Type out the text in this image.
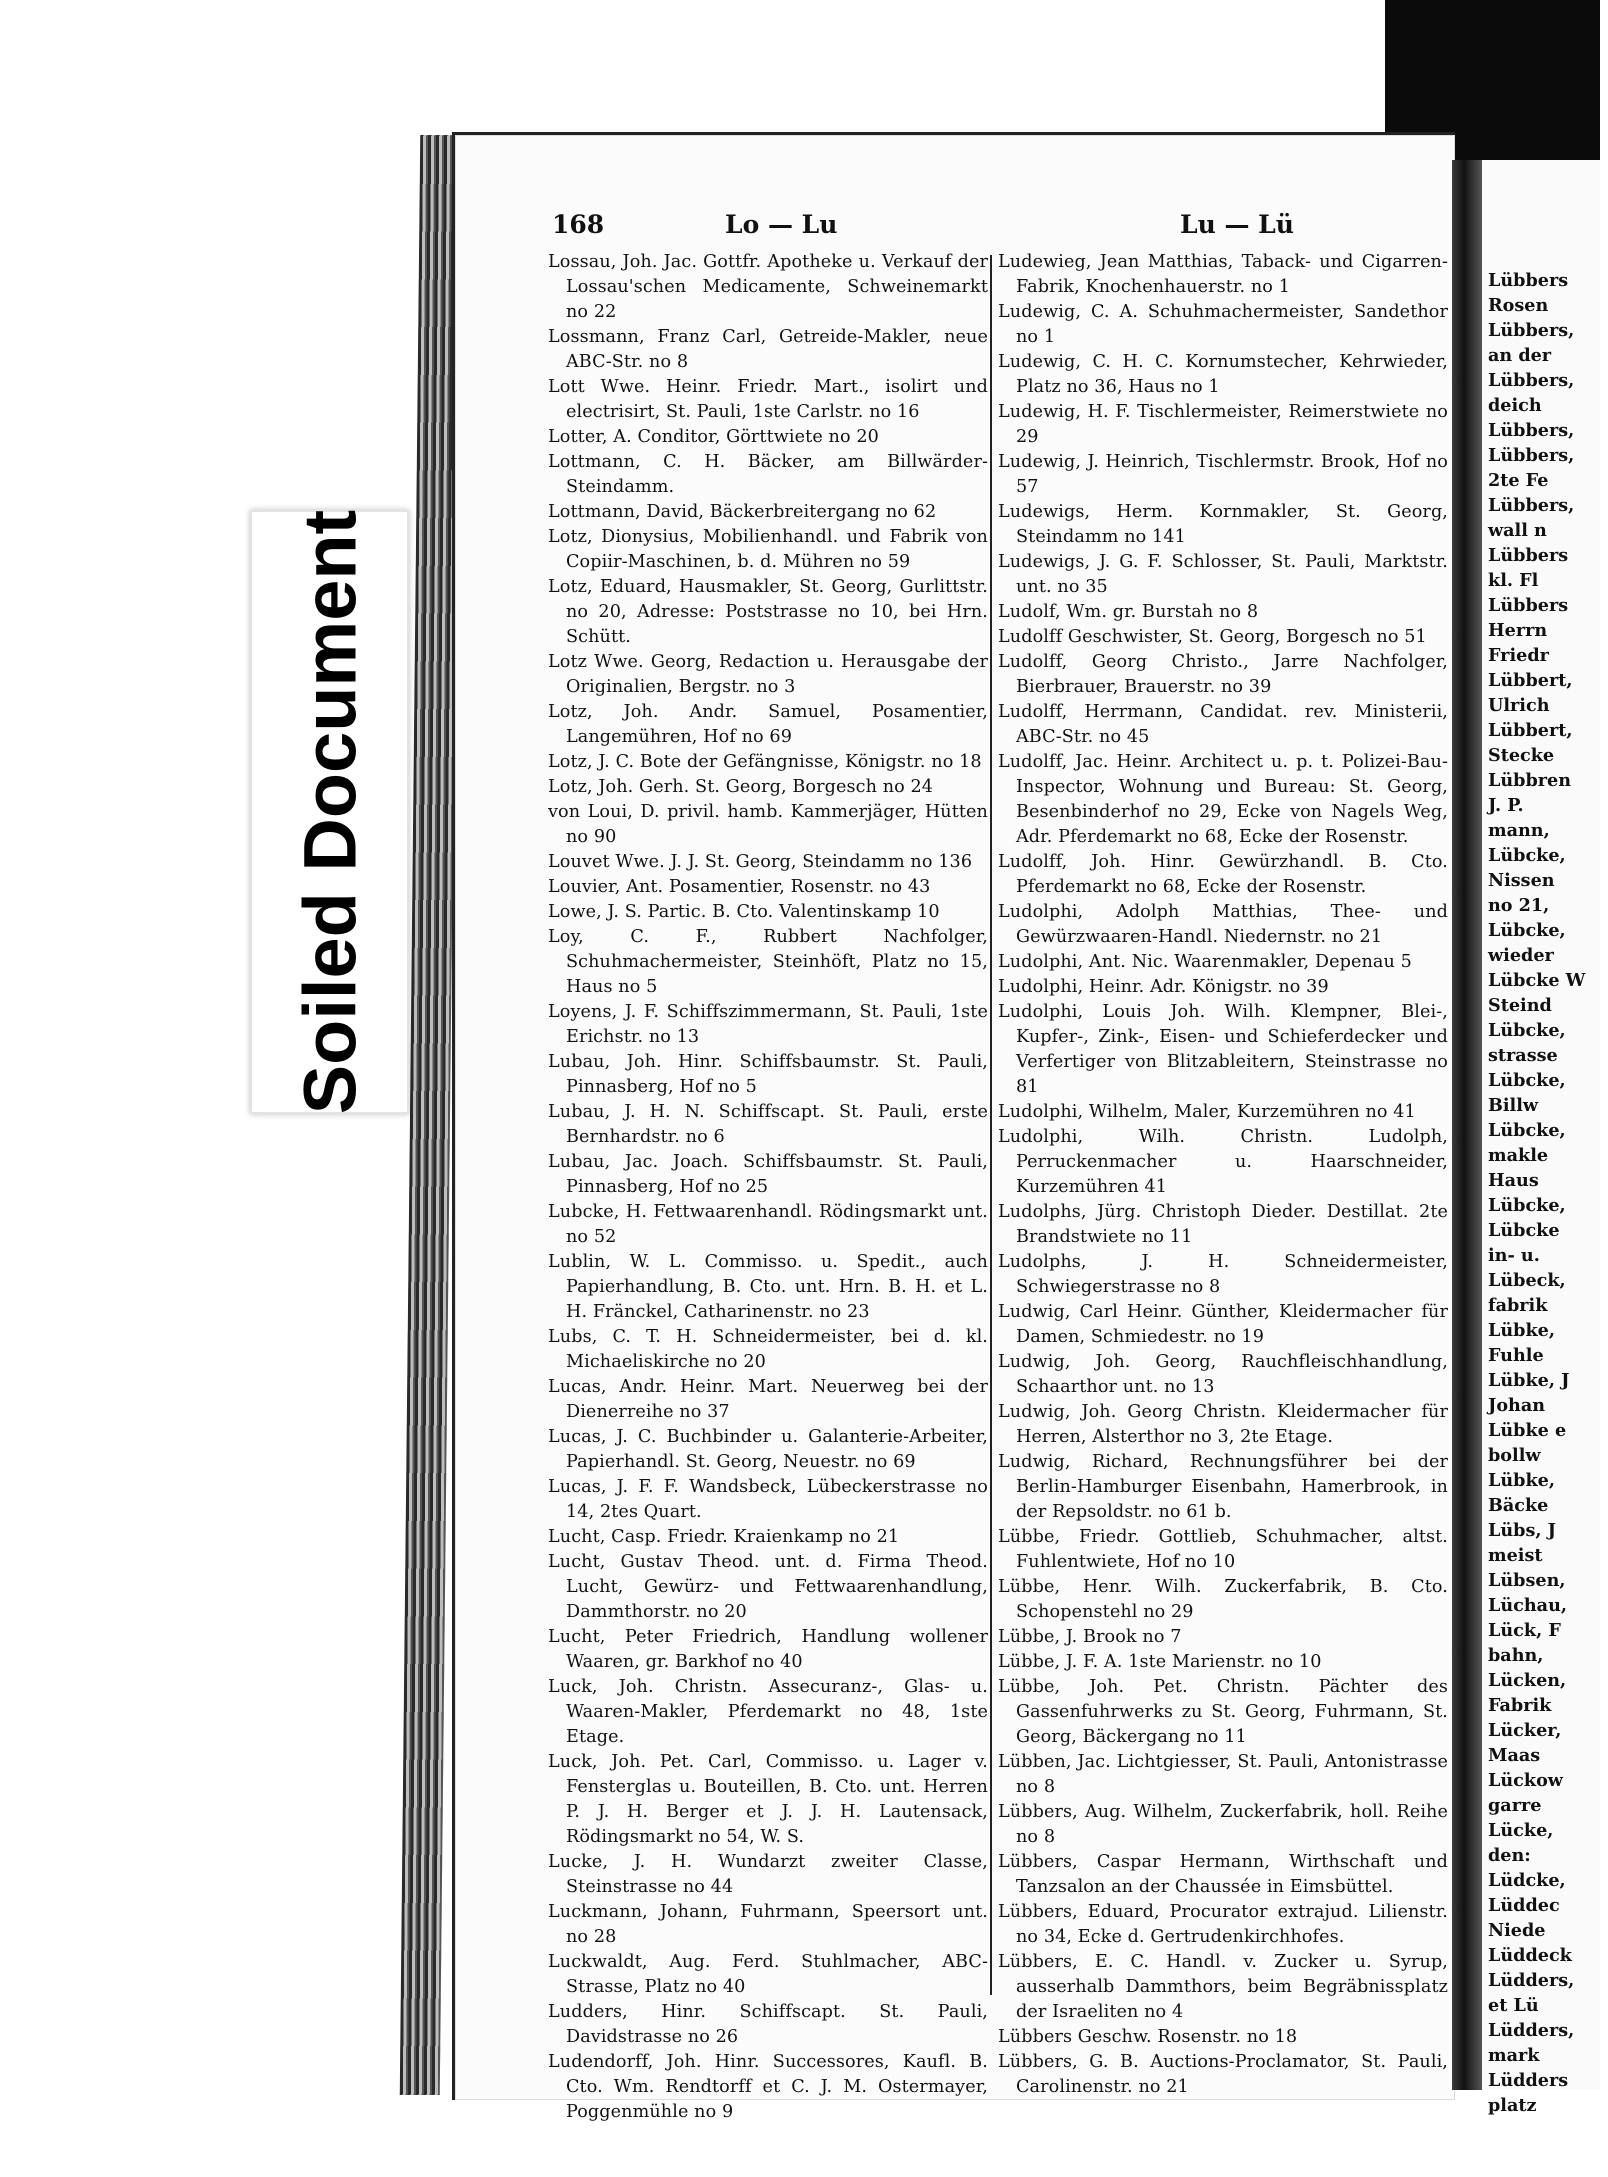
Soiled Document
168	Lo — Lu	Lu — Lü

Lossau, Joh. Jac. Gottfr. Apotheke u. Verkauf der Lossau'schen Medicamente, Schweinemarkt no 22

Lossmann, Franz Carl, Getreide-Makler, neue ABC-Str. no 8

Lott Wwe. Heinr. Friedr. Mart., isolirt und electrisirt, St. Pauli, 1ste Carlstr. no 16

Lotter, A. Conditor, Görttwiete no 20

Lottmann, C. H. Bäcker, am Billwärder-Steindamm.

Lottmann, David, Bäckerbreitergang no 62

Lotz, Dionysius, Mobilienhandl. und Fabrik von Copiir-Maschinen, b. d. Mühren no 59

Lotz, Eduard, Hausmakler, St. Georg, Gurlittstr. no 20, Adresse: Poststrasse no 10, bei Hrn. Schütt.

Lotz Wwe. Georg, Redaction u. Herausgabe der Originalien, Bergstr. no 3

Lotz, Joh. Andr. Samuel, Posamentier, Langemühren, Hof no 69

Lotz, J. C. Bote der Gefängnisse, Königstr. no 18

Lotz, Joh. Gerh. St. Georg, Borgesch no 24

von Loui, D. privil. hamb. Kammerjäger, Hütten no 90

Louvet Wwe. J. J. St. Georg, Steindamm no 136

Louvier, Ant. Posamentier, Rosenstr. no 43

Lowe, J. S. Partic. B. Cto. Valentinskamp 10

Loy, C. F., Rubbert Nachfolger, Schuhmachermeister, Steinhöft, Platz no 15, Haus no 5

Loyens, J. F. Schiffszimmermann, St. Pauli, 1ste Erichstr. no 13

Lubau, Joh. Hinr. Schiffsbaumstr. St. Pauli, Pinnasberg, Hof no 5

Lubau, J. H. N. Schiffscapt. St. Pauli, erste Bernhardstr. no 6

Lubau, Jac. Joach. Schiffsbaumstr. St. Pauli, Pinnasberg, Hof no 25

Lubcke, H. Fettwaarenhandl. Rödingsmarkt unt. no 52

Lublin, W. L. Commisso. u. Spedit., auch Papierhandlung, B. Cto. unt. Hrn. B. H. et L. H. Fränckel, Catharinenstr. no 23

Lubs, C. T. H. Schneidermeister, bei d. kl. Michaeliskirche no 20

Lucas, Andr. Heinr. Mart. Neuerweg bei der Dienerreihe no 37

Lucas, J. C. Buchbinder u. Galanterie-Arbeiter, Papierhandl. St. Georg, Neuestr. no 69

Lucas, J. F. F. Wandsbeck, Lübeckerstrasse no 14, 2tes Quart.

Lucht, Casp. Friedr. Kraienkamp no 21

Lucht, Gustav Theod. unt. d. Firma Theod. Lucht, Gewürz- und Fettwaarenhandlung, Dammthorstr. no 20

Lucht, Peter Friedrich, Handlung wollener Waaren, gr. Barkhof no 40

Luck, Joh. Christn. Assecuranz-, Glas- u. Waaren-Makler, Pferdemarkt no 48, 1ste Etage.

Luck, Joh. Pet. Carl, Commisso. u. Lager v. Fensterglas u. Bouteillen, B. Cto. unt. Herren P. J. H. Berger et J. J. H. Lautensack, Rödingsmarkt no 54, W. S.

Lucke, J. H. Wundarzt zweiter Classe, Steinstrasse no 44

Luckmann, Johann, Fuhrmann, Speersort unt. no 28

Luckwaldt, Aug. Ferd. Stuhlmacher, ABC-Strasse, Platz no 40

Ludders, Hinr. Schiffscapt. St. Pauli, Davidstrasse no 26

Ludendorff, Joh. Hinr. Successores, Kaufl. B. Cto. Wm. Rendtorff et C. J. M. Ostermayer, Poggenmühle no 9

Ludewieg, Jean Matthias, Taback- und Cigarren-Fabrik, Knochenhauerstr. no 1

Ludewig, C. A. Schuhmachermeister, Sandethor no 1

Ludewig, C. H. C. Kornumstecher, Kehrwieder, Platz no 36, Haus no 1

Ludewig, H. F. Tischlermeister, Reimerstwiete no 29

Ludewig, J. Heinrich, Tischlermstr. Brook, Hof no 57

Ludewigs, Herm. Kornmakler, St. Georg, Steindamm no 141

Ludewigs, J. G. F. Schlosser, St. Pauli, Marktstr. unt. no 35

Ludolf, Wm. gr. Burstah no 8

Ludolff Geschwister, St. Georg, Borgesch no 51

Ludolff, Georg Christo., Jarre Nachfolger, Bierbrauer, Brauerstr. no 39

Ludolff, Herrmann, Candidat. rev. Ministerii, ABC-Str. no 45

Ludolff, Jac. Heinr. Architect u. p. t. Polizei-Bau-Inspector, Wohnung und Bureau: St. Georg, Besenbinderhof no 29, Ecke von Nagels Weg, Adr. Pferdemarkt no 68, Ecke der Rosenstr.

Ludolff, Joh. Hinr. Gewürzhandl. B. Cto. Pferdemarkt no 68, Ecke der Rosenstr.

Ludolphi, Adolph Matthias, Thee- und Gewürzwaaren-Handl. Niedernstr. no 21

Ludolphi, Ant. Nic. Waarenmakler, Depenau 5

Ludolphi, Heinr. Adr. Königstr. no 39

Ludolphi, Louis Joh. Wilh. Klempner, Blei-, Kupfer-, Zink-, Eisen- und Schieferdecker und Verfertiger von Blitzableitern, Steinstrasse no 81

Ludolphi, Wilhelm, Maler, Kurzemühren no 41

Ludolphi, Wilh. Christn. Ludolph, Perruckenmacher u. Haarschneider, Kurzemühren 41

Ludolphs, Jürg. Christoph Dieder. Destillat. 2te Brandstwiete no 11

Ludolphs, J. H. Schneidermeister, Schwiegerstrasse no 8

Ludwig, Carl Heinr. Günther, Kleidermacher für Damen, Schmiedestr. no 19

Ludwig, Joh. Georg, Rauchfleischhandlung, Schaarthor unt. no 13

Ludwig, Joh. Georg Christn. Kleidermacher für Herren, Alsterthor no 3, 2te Etage.

Ludwig, Richard, Rechnungsführer bei der Berlin-Hamburger Eisenbahn, Hamerbrook, in der Repsoldstr. no 61 b.

Lübbe, Friedr. Gottlieb, Schuhmacher, altst. Fuhlentwiete, Hof no 10

Lübbe, Henr. Wilh. Zuckerfabrik, B. Cto. Schopenstehl no 29

Lübbe, J. Brook no 7

Lübbe, J. F. A. 1ste Marienstr. no 10

Lübbe, Joh. Pet. Christn. Pächter des Gassenfuhrwerks zu St. Georg, Fuhrmann, St. Georg, Bäckergang no 11

Lübben, Jac. Lichtgiesser, St. Pauli, Antonistrasse no 8

Lübbers, Aug. Wilhelm, Zuckerfabrik, holl. Reihe no 8

Lübbers, Caspar Hermann, Wirthschaft und Tanzsalon an der Chaussée in Eimsbüttel.

Lübbers, Eduard, Procurator extrajud. Lilienstr. no 34, Ecke d. Gertrudenkirchhofes.

Lübbers, E. C. Handl. v. Zucker u. Syrup, ausserhalb Dammthors, beim Begräbnissplatz der Israeliten no 4

Lübbers Geschw. Rosenstr. no 18

Lübbers, G. B. Auctions-Proclamator, St. Pauli, Carolinenstr. no 21

Lübbers
Rosen
Lübbers,
an der
Lübbers,
deich
Lübbers,
Lübbers,
2te Fe
Lübbers,
wall n
Lübbers
kl. Fl
Lübbers
Herrn
Friedr
Lübbert,
Ulrich
Lübbert,
Stecke
Lübbren
J. P.
mann,
Lübcke,
Nissen
no 21,
Lübcke,
wieder
Lübcke W
Steind
Lübcke,
strasse
Lübcke,
Billw
Lübcke,
makle
Haus
Lübcke,
Lübcke
in- u.
Lübeck,
fabrik
Lübke,
Fuhle
Lübke, J
Johan
Lübke e
bollw
Lübke,
Bäcke
Lübs, J
meist
Lübsen,
Lüchau,
Lück, F
bahn,
Lücken,
Fabrik
Lücker,
Maas
Lückow
garre
Lücke,
den:
Lüdcke,
Lüddec
Niede
Lüddeck
Lüdders,
et Lü
Lüdders,
mark
Lüdders
platz
